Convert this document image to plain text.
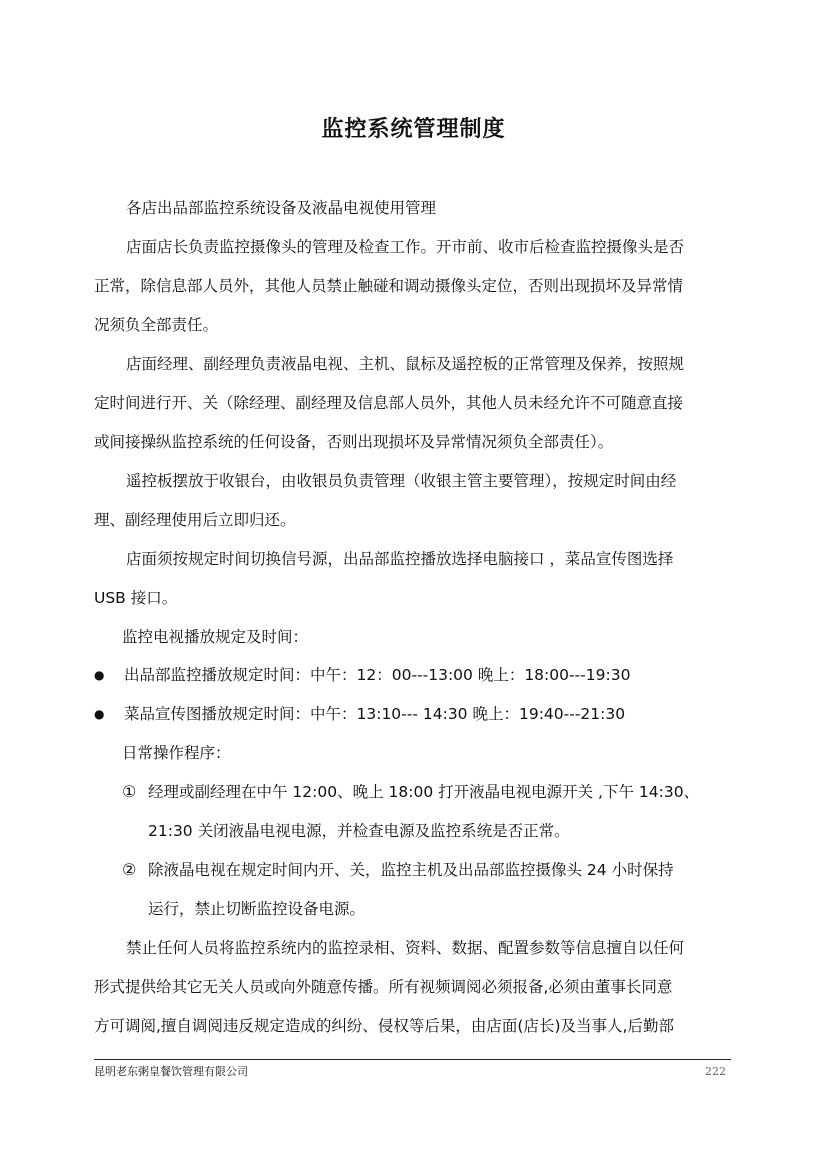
监控系统管理制度
各店出品部监控系统设备及液晶电视使用管理
店面店长负责监控摄像头的管理及检查工作。开市前、收市后检查监控摄像头是否
正常，除信息部人员外，其他人员禁止触碰和调动摄像头定位，否则出现损坏及异常情
况须负全部责任。
店面经理、副经理负责液晶电视、主机、鼠标及遥控板的正常管理及保养，按照规
定时间进行开、关（除经理、副经理及信息部人员外，其他人员未经允许不可随意直接
或间接操纵监控系统的任何设备，否则出现损坏及异常情况须负全部责任）。
遥控板摆放于收银台，由收银员负责管理（收银主管主要管理），按规定时间由经
理、副经理使用后立即归还。
店面须按规定时间切换信号源，出品部监控播放选择电脑接口 ，菜品宣传图选择
USB 接口。
监控电视播放规定及时间：
● 出品部监控播放规定时间：中午：12：00---13:00 晚上：18:00---19:30
● 菜品宣传图播放规定时间：中午：13:10--- 14:30 晚上：19:40---21:30
日常操作程序：
① 经理或副经理在中午 12:00、晚上 18:00 打开液晶电视电源开关 ,下午 14:30、
21:30 关闭液晶电视电源，并检查电源及监控系统是否正常。
② 除液晶电视在规定时间内开、关，监控主机及出品部监控摄像头 24 小时保持
运行，禁止切断监控设备电源。
禁止任何人员将监控系统内的监控录相、资料、数据、配置参数等信息擅自以任何
形式提供给其它无关人员或向外随意传播。所有视频调阅必须报备,必须由董事长同意
方可调阅,擅自调阅违反规定造成的纠纷、侵权等后果，由店面(店长)及当事人,后勤部
昆明老东粥皇餐饮管理有限公司	222
